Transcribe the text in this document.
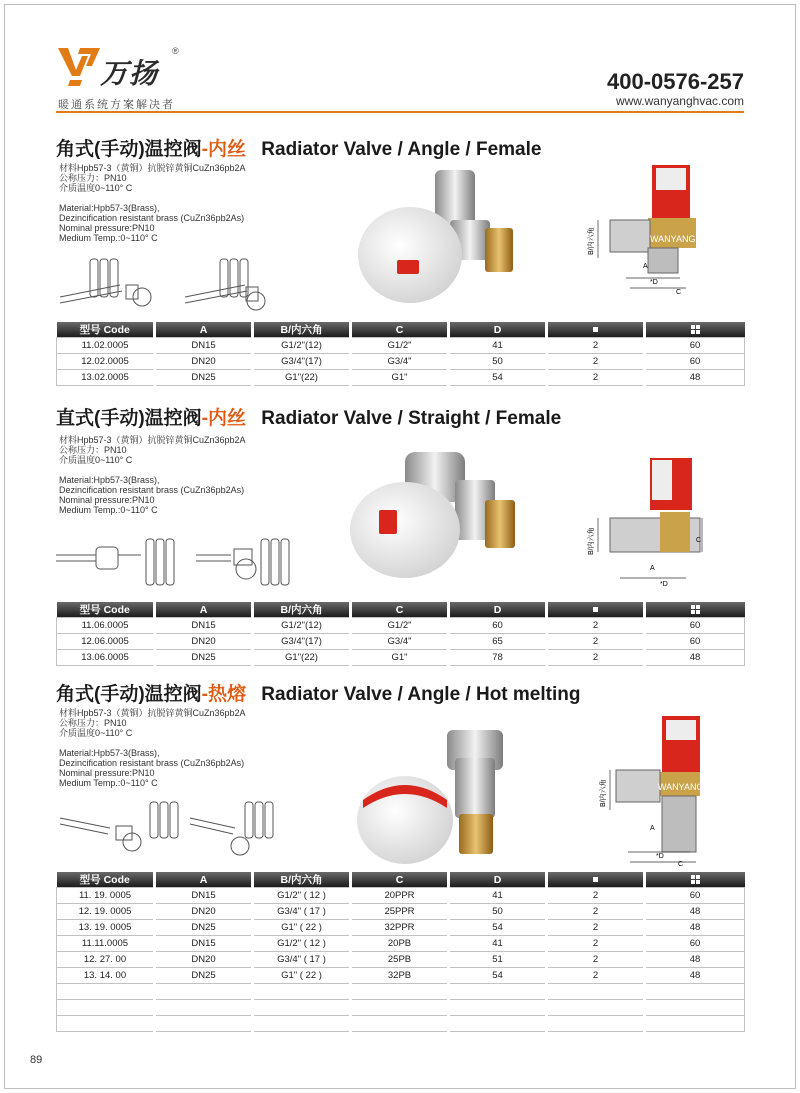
万扬
®
暖通系统方案解决者
400-0576-257
www.wanyanghvac.com
角式(手动)温控阀-内丝 Radiator Valve / Angle / Female
材料Hpb57-3（黄铜）抗脱锌黄铜CuZn36pb2A
公称压力：PN10
介质温度0~110° C
Material:Hpb57-3(Brass),
Dezincification resistant brass (CuZn36pb2As)
Nominal pressure:PN10
Medium Temp.:0~110° C	WANYANG
B/内六角
A
*D
C
型号 Code	A	B/内六角	C	D		
11.02.0005	DN15	G1/2"(12)	G1/2"	41	2	60
12.02.0005	DN20	G3/4"(17)	G3/4"	50	2	60
13.02.0005	DN25	G1"(22)	G1"	54	2	48
直式(手动)温控阀-内丝 Radiator Valve / Straight / Female
材料Hpb57-3（黄铜）抗脱锌黄铜CuZn36pb2A
公称压力：PN10
介质温度0~110° C
Material:Hpb57-3(Brass),
Dezincification resistant brass (CuZn36pb2As)
Nominal pressure:PN10
Medium Temp.:0~110° C
B/内六角
A
*D
C
型号 Code	A	B/内六角	C	D		
11.06.0005	DN15	G1/2"(12)	G1/2"	60	2	60
12.06.0005	DN20	G3/4"(17)	G3/4"	65	2	60
13.06.0005	DN25	G1"(22)	G1"	78	2	48
角式(手动)温控阀-热熔 Radiator Valve / Angle / Hot melting
材料Hpb57-3（黄铜）抗脱锌黄铜CuZn36pb2A
公称压力：PN10
介质温度0~110° C
Material:Hpb57-3(Brass),
Dezincification resistant brass (CuZn36pb2As)
Nominal pressure:PN10
Medium Temp.:0~110° C	WANYANG
B/内六角
A
*D
C
型号 Code	A	B/内六角	C	D		
11. 19. 0005	DN15	G1/2" ( 12 )	20PPR	41	2	60
12. 19. 0005	DN20	G3/4" ( 17 )	25PPR	50	2	48
13. 19. 0005	DN25	G1" ( 22 )	32PPR	54	2	48
11.11.0005	DN15	G1/2" ( 12 )	20PB	41	2	60
12. 27. 00	DN20	G3/4" ( 17 )	25PB	51	2	48
13. 14. 00	DN25	G1" ( 22 )	32PB	54	2	48

89
